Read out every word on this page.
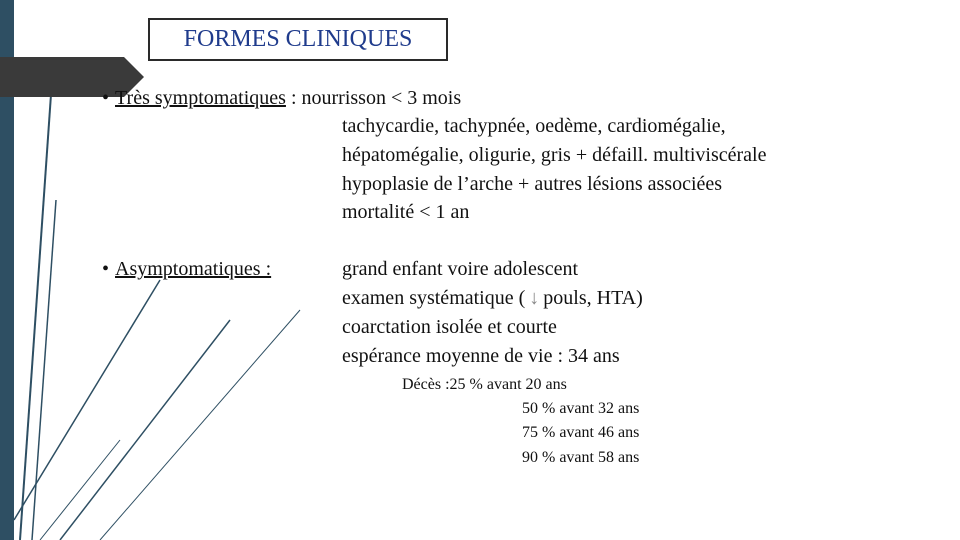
FORMES CLINIQUES
• Très symptomatiques : nourrisson < 3 mois
tachycardie, tachypnée, oedème, cardiomégalie,
hépatomégalie, oligurie, gris + défaill. multiviscérale
hypoplasie de l’arche + autres lésions associées
mortalité < 1 an
• Asymptomatiques :	grand enfant voire adolescent
examen systématique ( ↓ pouls, HTA)
coarctation isolée et courte
espérance moyenne de vie : 34 ans
Décès :25 % avant 20 ans
50 % avant 32 ans
75 % avant 46 ans
90 % avant 58 ans
